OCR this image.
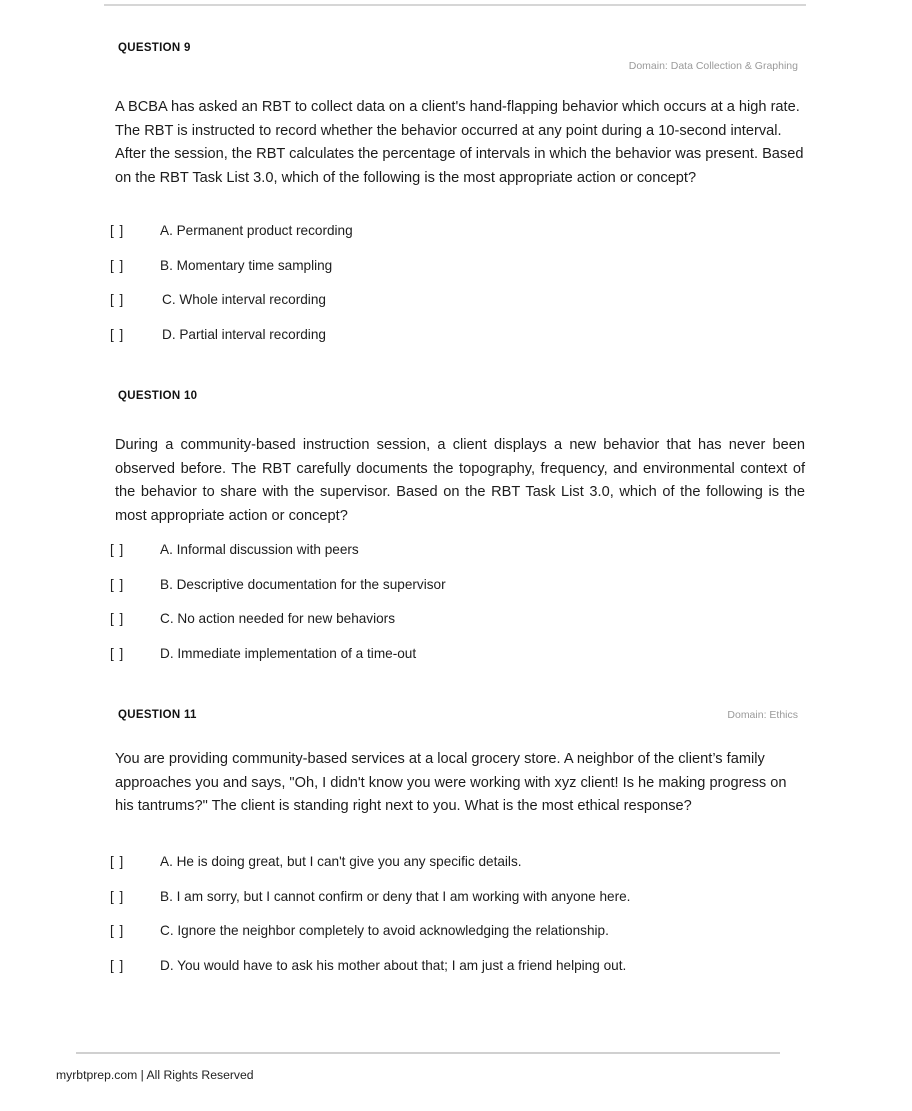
QUESTION 9
Domain: Data Collection & Graphing
A BCBA has asked an RBT to collect data on a client's hand-flapping behavior which occurs at a high rate. The RBT is instructed to record whether the behavior occurred at any point during a 10-second interval. After the session, the RBT calculates the percentage of intervals in which the behavior was present. Based on the RBT Task List 3.0, which of the following is the most appropriate action or concept?
[ ]	A. Permanent product recording
[ ]	B. Momentary time sampling
[ ]	C. Whole interval recording
[ ]	D. Partial interval recording
QUESTION 10
During a community-based instruction session, a client displays a new behavior that has never been observed before. The RBT carefully documents the topography, frequency, and environmental context of the behavior to share with the supervisor. Based on the RBT Task List 3.0, which of the following is the most appropriate action or concept?
[ ]	A. Informal discussion with peers
[ ]	B. Descriptive documentation for the supervisor
[ ]	C. No action needed for new behaviors
[ ]	D. Immediate implementation of a time-out
QUESTION 11	Domain: Ethics
You are providing community-based services at a local grocery store. A neighbor of the client’s family approaches you and says, "Oh, I didn't know you were working with xyz client! Is he making progress on his tantrums?" The client is standing right next to you. What is the most ethical response?
[ ]	A. He is doing great, but I can't give you any specific details.
[ ]	B. I am sorry, but I cannot confirm or deny that I am working with anyone here.
[ ]	C. Ignore the neighbor completely to avoid acknowledging the relationship.
[ ]	D. You would have to ask his mother about that; I am just a friend helping out.
myrbtprep.com | All Rights Reserved
